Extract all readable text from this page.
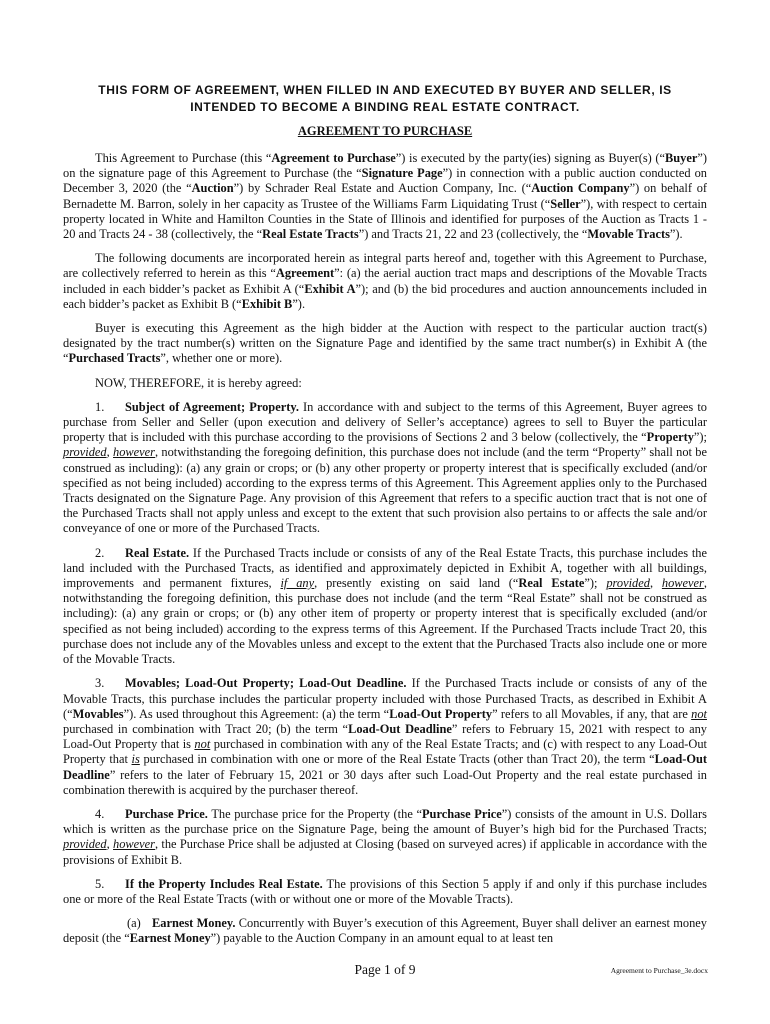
THIS FORM OF AGREEMENT, WHEN FILLED IN AND EXECUTED BY BUYER AND SELLER, IS INTENDED TO BECOME A BINDING REAL ESTATE CONTRACT.

AGREEMENT TO PURCHASE

This Agreement to Purchase (this “Agreement to Purchase”) is executed by the party(ies) signing as Buyer(s) (“Buyer”) on the signature page of this Agreement to Purchase (the “Signature Page”) in connection with a public auction conducted on December 3, 2020 (the “Auction”) by Schrader Real Estate and Auction Company, Inc. (“Auction Company”) on behalf of Bernadette M. Barron, solely in her capacity as Trustee of the Williams Farm Liquidating Trust (“Seller”), with respect to certain property located in White and Hamilton Counties in the State of Illinois and identified for purposes of the Auction as Tracts 1 - 20 and Tracts 24 - 38 (collectively, the “Real Estate Tracts”) and Tracts 21, 22 and 23 (collectively, the “Movable Tracts”).

The following documents are incorporated herein as integral parts hereof and, together with this Agreement to Purchase, are collectively referred to herein as this “Agreement”: (a) the aerial auction tract maps and descriptions of the Movable Tracts included in each bidder’s packet as Exhibit A (“Exhibit A”); and (b) the bid procedures and auction announcements included in each bidder’s packet as Exhibit B (“Exhibit B”).

Buyer is executing this Agreement as the high bidder at the Auction with respect to the particular auction tract(s) designated by the tract number(s) written on the Signature Page and identified by the same tract number(s) in Exhibit A (the “Purchased Tracts”, whether one or more).

NOW, THEREFORE, it is hereby agreed:

1. Subject of Agreement; Property. In accordance with and subject to the terms of this Agreement, Buyer agrees to purchase from Seller and Seller (upon execution and delivery of Seller’s acceptance) agrees to sell to Buyer the particular property that is included with this purchase according to the provisions of Sections 2 and 3 below (collectively, the “Property”); provided, however, notwithstanding the foregoing definition, this purchase does not include (and the term “Property” shall not be construed as including): (a) any grain or crops; or (b) any other property or property interest that is specifically excluded (and/or specified as not being included) according to the express terms of this Agreement. This Agreement applies only to the Purchased Tracts designated on the Signature Page. Any provision of this Agreement that refers to a specific auction tract that is not one of the Purchased Tracts shall not apply unless and except to the extent that such provision also pertains to or affects the sale and/or conveyance of one or more of the Purchased Tracts.

2. Real Estate. If the Purchased Tracts include or consists of any of the Real Estate Tracts, this purchase includes the land included with the Purchased Tracts, as identified and approximately depicted in Exhibit A, together with all buildings, improvements and permanent fixtures, if any, presently existing on said land (“Real Estate”); provided, however, notwithstanding the foregoing definition, this purchase does not include (and the term “Real Estate” shall not be construed as including): (a) any grain or crops; or (b) any other item of property or property interest that is specifically excluded (and/or specified as not being included) according to the express terms of this Agreement. If the Purchased Tracts include Tract 20, this purchase does not include any of the Movables unless and except to the extent that the Purchased Tracts also include one or more of the Movable Tracts.

3. Movables; Load-Out Property; Load-Out Deadline. If the Purchased Tracts include or consists of any of the Movable Tracts, this purchase includes the particular property included with those Purchased Tracts, as described in Exhibit A (“Movables”). As used throughout this Agreement: (a) the term “Load-Out Property” refers to all Movables, if any, that are not purchased in combination with Tract 20; (b) the term “Load-Out Deadline” refers to February 15, 2021 with respect to any Load-Out Property that is not purchased in combination with any of the Real Estate Tracts; and (c) with respect to any Load-Out Property that is purchased in combination with one or more of the Real Estate Tracts (other than Tract 20), the term “Load-Out Deadline” refers to the later of February 15, 2021 or 30 days after such Load-Out Property and the real estate purchased in combination therewith is acquired by the purchaser thereof.

4. Purchase Price. The purchase price for the Property (the “Purchase Price”) consists of the amount in U.S. Dollars which is written as the purchase price on the Signature Page, being the amount of Buyer’s high bid for the Purchased Tracts; provided, however, the Purchase Price shall be adjusted at Closing (based on surveyed acres) if applicable in accordance with the provisions of Exhibit B.

5. If the Property Includes Real Estate. The provisions of this Section 5 apply if and only if this purchase includes one or more of the Real Estate Tracts (with or without one or more of the Movable Tracts).

(a) Earnest Money. Concurrently with Buyer’s execution of this Agreement, Buyer shall deliver an earnest money deposit (the “Earnest Money”) payable to the Auction Company in an amount equal to at least ten

Page 1 of 9	Agreement to Purchase_3e.docx
